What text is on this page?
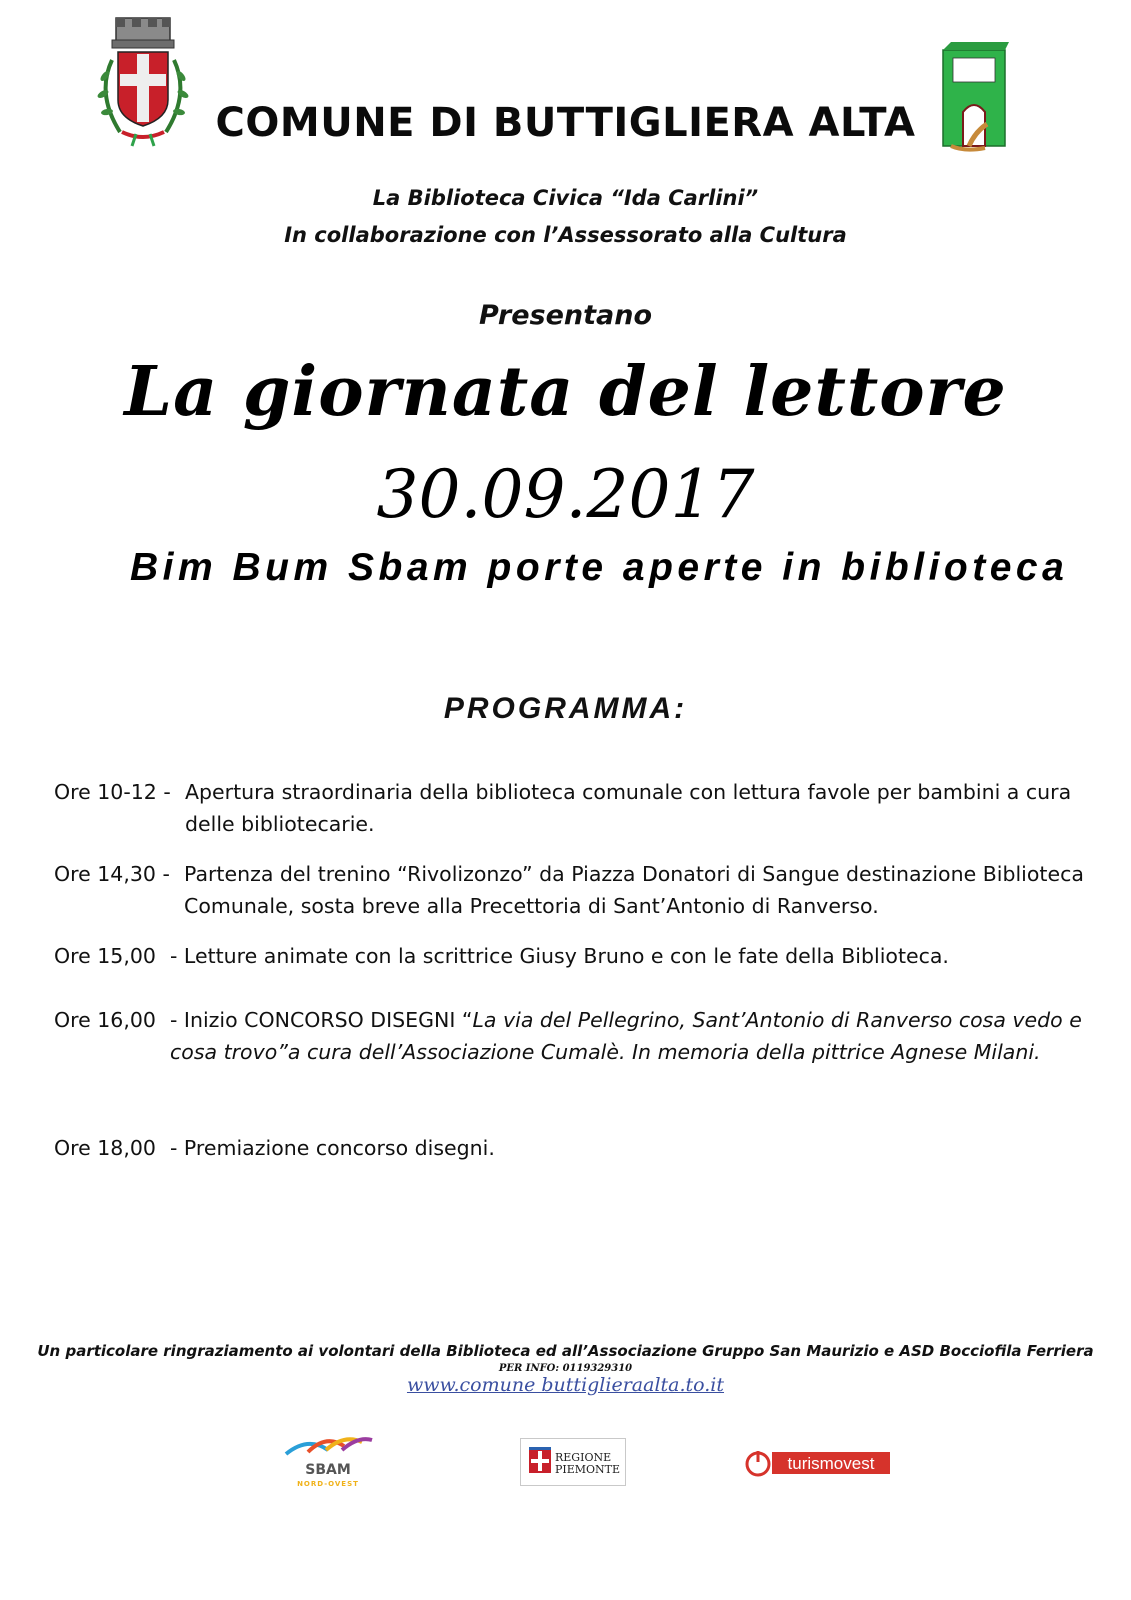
COMUNE DI BUTTIGLIERA ALTA
La Biblioteca Civica “Ida Carlini”
In collaborazione con l’Assessorato alla Cultura
Presentano
La giornata del lettore
30.09.2017
Bim Bum Sbam porte aperte in biblioteca
PROGRAMMA:
Ore 10-12 - Apertura straordinaria della biblioteca comunale con lettura favole per bambini a cura delle bibliotecarie.
Ore 14,30 - Partenza del trenino “Rivolizonzo” da Piazza Donatori di Sangue destinazione Biblioteca Comunale, sosta breve alla Precettoria di Sant’Antonio di Ranverso.
Ore 15,00 - Letture animate con la scrittrice Giusy Bruno e con le fate della Biblioteca.
Ore 16,00 - Inizio CONCORSO DISEGNI “La via del Pellegrino, Sant’Antonio di Ranverso cosa vedo e cosa trovo”a cura dell’Associazione Cumalè. In memoria della pittrice Agnese Milani.
Ore 18,00 - Premiazione concorso disegni.
Un particolare ringraziamento ai volontari della Biblioteca ed all’Associazione Gruppo San Maurizio e ASD Bocciofila Ferriera
PER INFO: 0119329310
www.comune buttiglieraalta.to.it
SBAM
NORD-OVEST
REGIONE
PIEMONTE	turismovest
